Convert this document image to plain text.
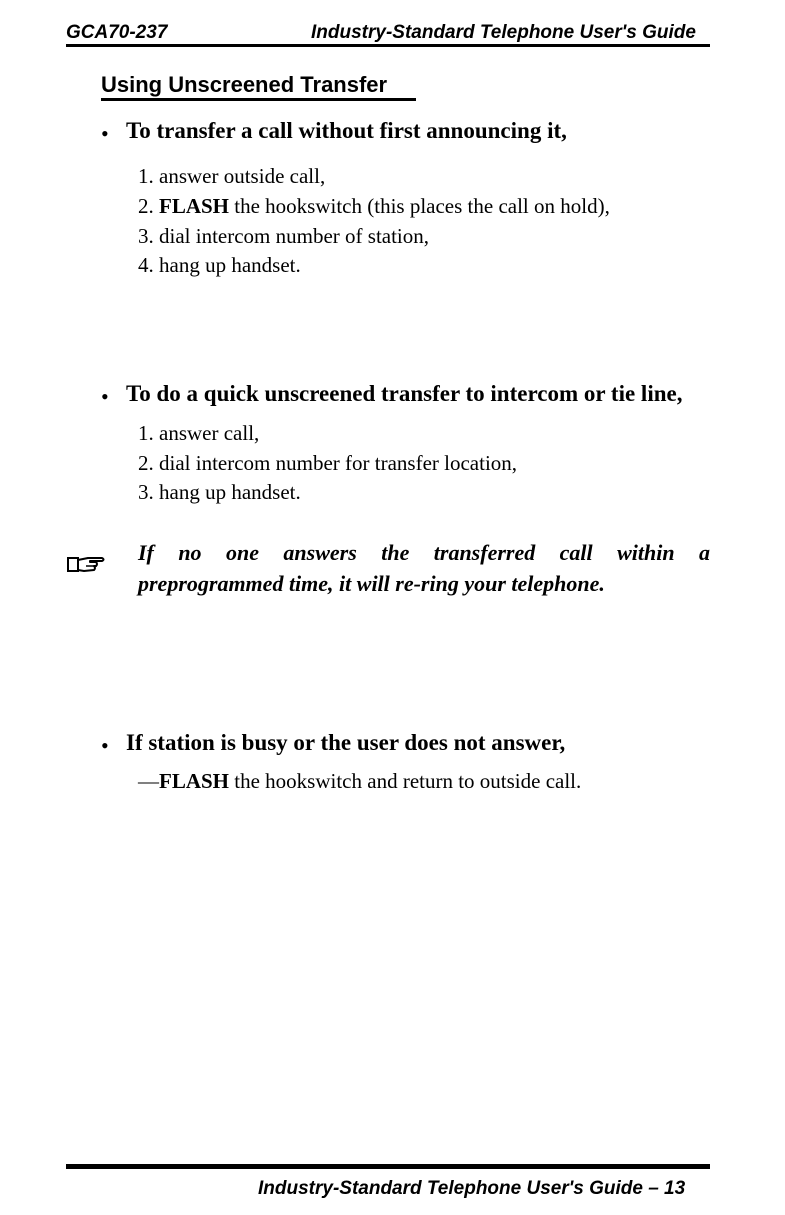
GCA70-237	Industry-Standard Telephone User's Guide
Using Unscreened Transfer
• To transfer a call without first announcing it,
1. answer outside call,
2. FLASH the hookswitch (this places the call on hold),
3. dial intercom number of station,
4. hang up handset.
• To do a quick unscreened transfer to intercom or tie line,
1. answer call,
2. dial intercom number for transfer location,
3. hang up handset.
If no one answers the transferred call within a
preprogrammed time, it will re-ring your telephone.
• If station is busy or the user does not answer,
—FLASH the hookswitch and return to outside call.
Industry-Standard Telephone User's Guide – 13
